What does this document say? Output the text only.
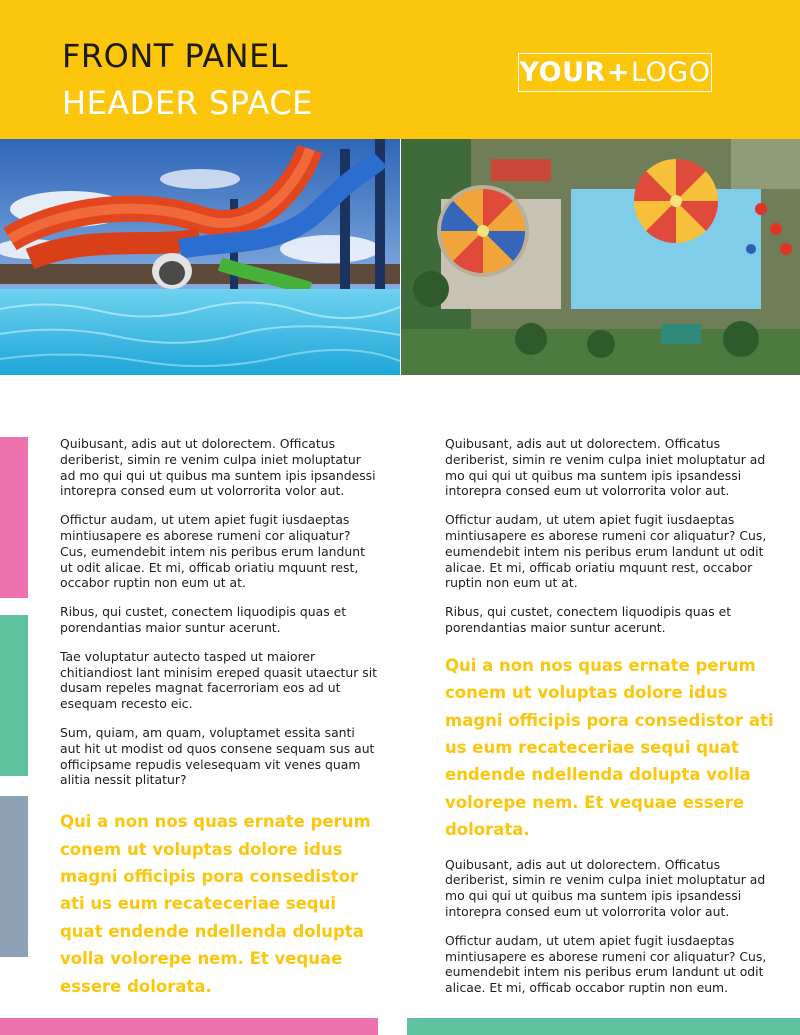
FRONT PANEL
HEADER SPACE
YOUR + LOGO

Quibusant, adis aut ut dolorectem. Officatus deriberist, simin re venim culpa iniet moluptatur ad mo qui qui ut quibus ma suntem ipis ipsandessi intorepra consed eum ut volorrorita volor aut.

Offictur audam, ut utem apiet fugit iusdaeptas mintiusapere es aborese rumeni cor aliquatur? Cus, eumendebit intem nis peribus erum landunt ut odit alicae. Et mi, officab oriatiu mquunt rest, occabor ruptin non eum ut at.

Ribus, qui custet, conectem liquodipis quas et porendantias maior suntur acerunt.

Tae voluptatur autecto tasped ut maiorer chitiandiost lant minisim ereped quasit utaectur sit dusam repeles magnat facerroriam eos ad ut esequam recesto eic.

Sum, quiam, am quam, voluptamet essita santi aut hit ut modist od quos consene sequam sus aut officipsame repudis velesequam vit venes quam alitia nessit plitatur?

Qui a non nos quas ernate perum conem ut voluptas dolore idus magni officipis pora consedistor ati us eum recateceriae sequi quat endende ndellenda dolupta volla volorepe nem. Et vequae essere dolorata.

Quibusant, adis aut ut dolorectem. Officatus deriberist, simin re venim culpa iniet moluptatur ad mo qui qui ut quibus ma suntem ipis ipsandessi intorepra consed eum ut volorrorita volor aut.

Offictur audam, ut utem apiet fugit iusdaeptas mintiusapere es aborese rumeni cor aliquatur? Cus, eumendebit intem nis peribus erum landunt ut odit alicae. Et mi, officab oriatiu mquunt rest, occabor ruptin non eum ut at.

Ribus, qui custet, conectem liquodipis quas et porendantias maior suntur acerunt.

Qui a non nos quas ernate perum conem ut voluptas dolore idus magni officipis pora consedistor ati us eum recateceriae sequi quat endende ndellenda dolupta volla volorepe nem. Et vequae essere dolorata.

Quibusant, adis aut ut dolorectem. Officatus deriberist, simin re venim culpa iniet moluptatur ad mo qui qui ut quibus ma suntem ipis ipsandessi intorepra consed eum ut volorrorita volor aut.

Offictur audam, ut utem apiet fugit iusdaeptas mintiusapere es aborese rumeni cor aliquatur? Cus, eumendebit intem nis peribus erum landunt ut odit alicae. Et mi, officab occabor ruptin non eum.
